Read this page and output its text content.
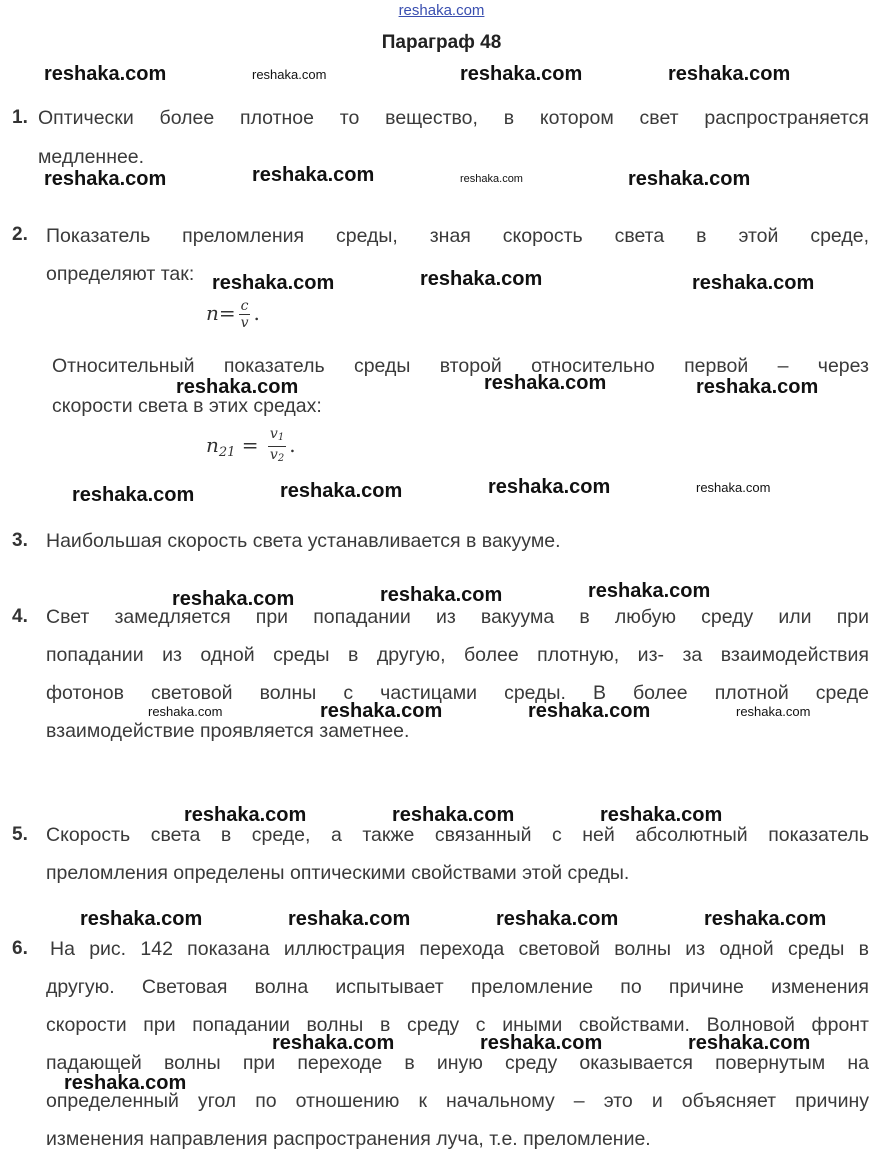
reshaka.com
Параграф 48
reshaka.com	reshaka.com	reshaka.com	reshaka.com
1. Оптически более плотное то вещество, в котором свет распространяется
медленнее.
reshaka.com	reshaka.com	reshaka.com	reshaka.com
2. Показатель преломления среды, зная скорость света в этой среде,
определяют так: reshaka.com	reshaka.com	reshaka.com
$n= \frac{c}{v}$ .
Относительный показатель среды второй относительно первой – через
скорости света в этих средах:
reshaka.com	reshaka.com	reshaka.com
$n_{21} = \frac{v_1}{v_2}$ .
reshaka.com	reshaka.com	reshaka.com	reshaka.com
3. Наибольшая скорость света устанавливается в вакууме.
reshaka.com	reshaka.com	reshaka.com
4. Свет замедляется при попадании из вакуума в любую среду или при
попадании из одной среды в другую, более плотную, из- за взаимодействия
фотонов световой волны с частицами среды. В более плотной среде
взаимодействие проявляется заметнее.
reshaka.com	reshaka.com	reshaka.com	reshaka.com
reshaka.com	reshaka.com	reshaka.com
5. Скорость света в среде, а также связанный с ней абсолютный показатель
преломления определены оптическими свойствами этой среды.
reshaka.com	reshaka.com	reshaka.com	reshaka.com
6. На рис. 142 показана иллюстрация перехода световой волны из одной среды в
другую. Световая волна испытывает преломление по причине изменения
скорости при попадании волны в среду с иными свойствами. Волновой фронт
падающей волны при переходе в иную среду оказывается повернутым на
определенный угол по отношению к начальному – это и объясняет причину
изменения направления распространения луча, т.е. преломление.
reshaka.com	reshaka.com	reshaka.com
reshaka.com
